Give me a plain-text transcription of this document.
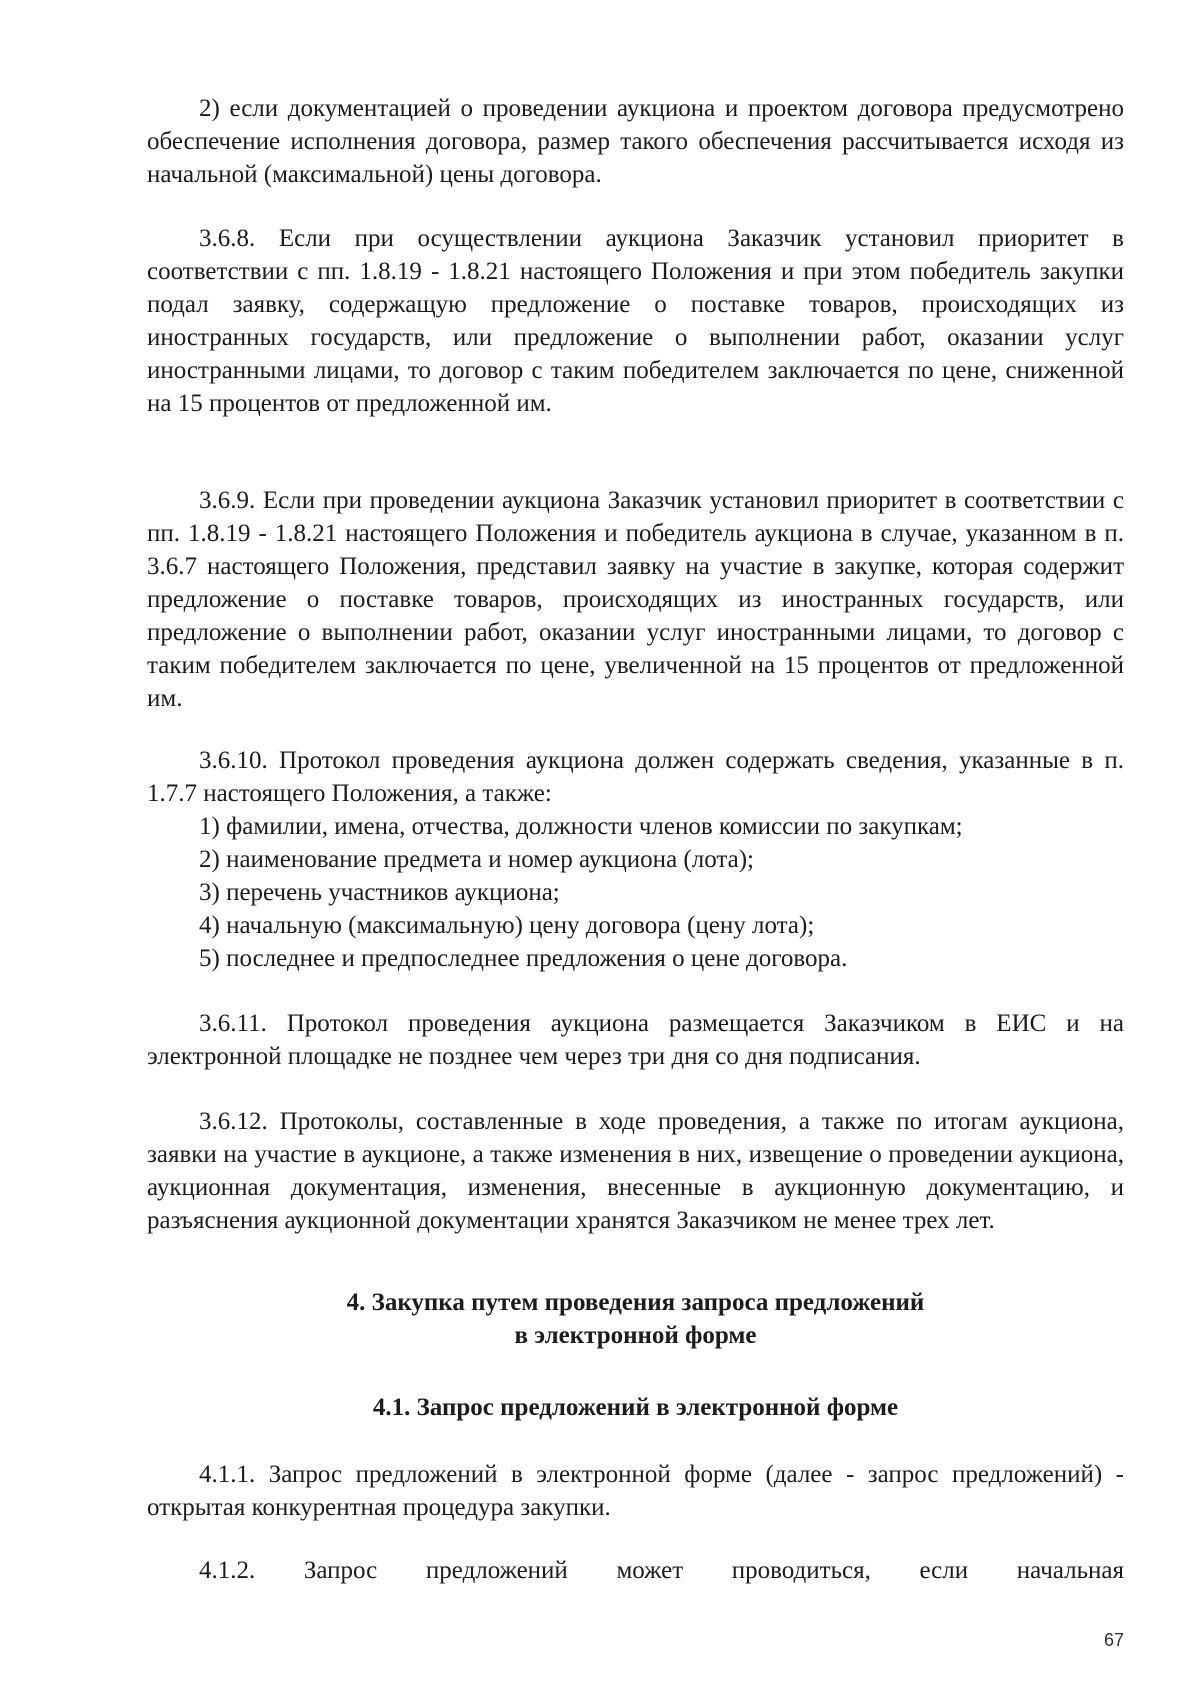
2) если документацией о проведении аукциона и проектом договора предусмотрено обеспечение исполнения договора, размер такого обеспечения рассчитывается исходя из начальной (максимальной) цены договора.

3.6.8. Если при осуществлении аукциона Заказчик установил приоритет в соответствии с пп. 1.8.19 - 1.8.21 настоящего Положения и при этом победитель закупки подал заявку, содержащую предложение о поставке товаров, происходящих из иностранных государств, или предложение о выполнении работ, оказании услуг иностранными лицами, то договор с таким победителем заключается по цене, сниженной на 15 процентов от предложенной им.

3.6.9. Если при проведении аукциона Заказчик установил приоритет в соответствии с пп. 1.8.19 - 1.8.21 настоящего Положения и победитель аукциона в случае, указанном в п. 3.6.7 настоящего Положения, представил заявку на участие в закупке, которая содержит предложение о поставке товаров, происходящих из иностранных государств, или предложение о выполнении работ, оказании услуг иностранными лицами, то договор с таким победителем заключается по цене, увеличенной на 15 процентов от предложенной им.

3.6.10. Протокол проведения аукциона должен содержать сведения, указанные в п. 1.7.7 настоящего Положения, а также:

1) фамилии, имена, отчества, должности членов комиссии по закупкам;

2) наименование предмета и номер аукциона (лота);

3) перечень участников аукциона;

4) начальную (максимальную) цену договора (цену лота);

5) последнее и предпоследнее предложения о цене договора.

3.6.11. Протокол проведения аукциона размещается Заказчиком в ЕИС и на электронной площадке не позднее чем через три дня со дня подписания.

3.6.12. Протоколы, составленные в ходе проведения, а также по итогам аукциона, заявки на участие в аукционе, а также изменения в них, извещение о проведении аукциона, аукционная документация, изменения, внесенные в аукционную документацию, и разъяснения аукционной документации хранятся Заказчиком не менее трех лет.

4. Закупка путем проведения запроса предложений

в электронной форме

4.1. Запрос предложений в электронной форме

4.1.1. Запрос предложений в электронной форме (далее - запрос предложений) - открытая конкурентная процедура закупки.

4.1.2. Запрос предложений может проводиться, если начальная

67
